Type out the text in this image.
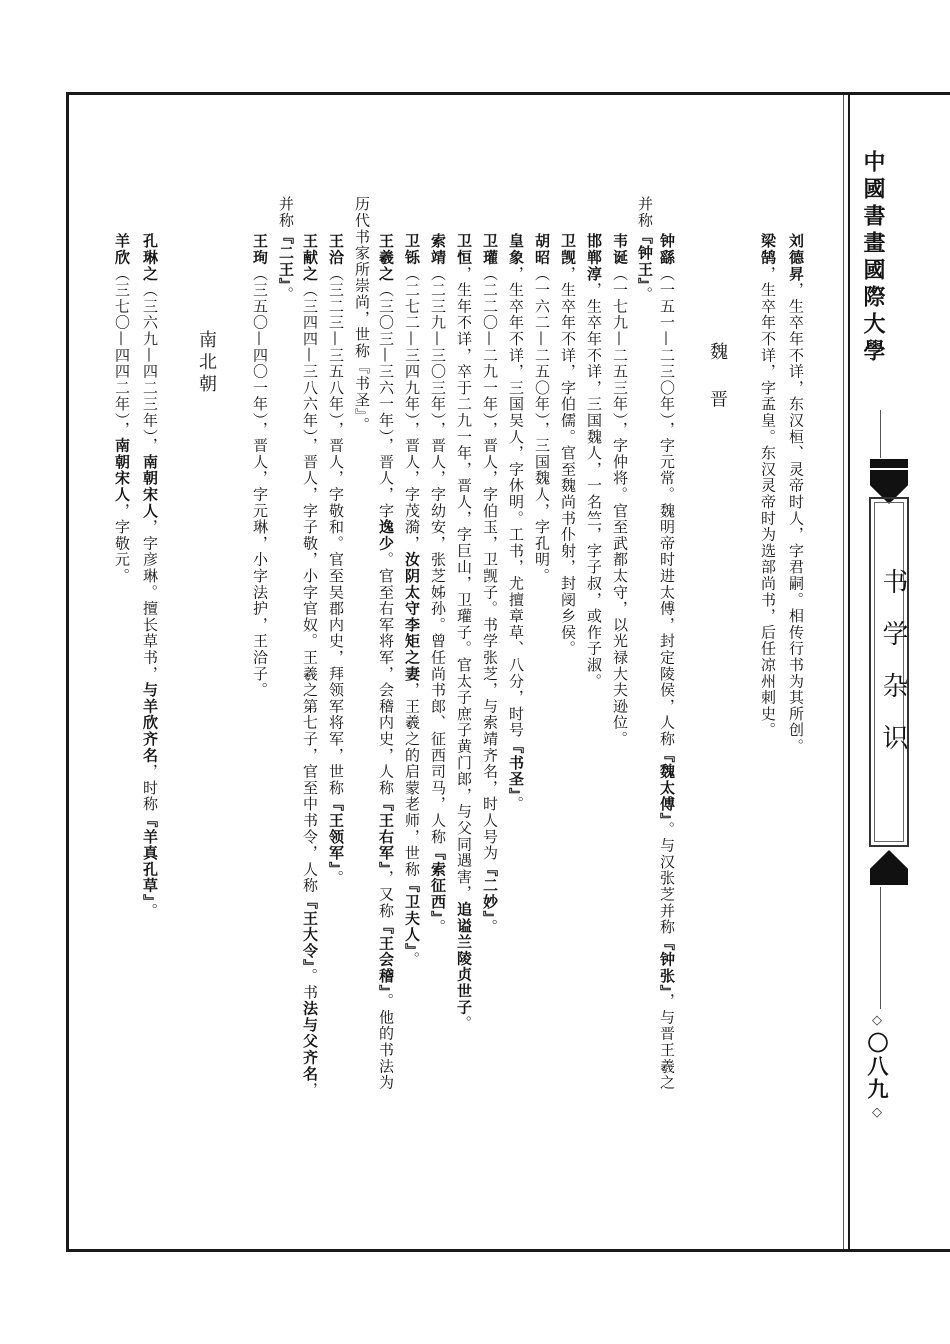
中國書畫國際大學
书学杂识
◇
〇八九
◇
刘德昇，生卒年不详，东汉桓、灵帝时人，字君嗣。相传行书为其所创。
梁鹄，生卒年不详，字孟皇。东汉灵帝时为选部尚书，后任凉州刺史。
魏 晋
钟繇（一五一—二三〇年），字元常。魏明帝时进太傅，封定陵侯，人称『魏太傅』。与汉张芝并称『钟张』，与晋王羲之
并称『钟王』。
韦诞（一七九—二五三年），字仲将。官至武都太守，以光禄大夫逊位。
邯郸淳，生卒年不详，三国魏人，一名竺，字子叔，或作子淑。
卫觊，生卒年不详，字伯儒。官至魏尚书仆射，封阌乡侯。
胡昭（一六二—二五〇年），三国魏人，字孔明。
皇象，生卒年不详，三国吴人，字休明。工书，尤擅章草、八分，时号『书圣』。
卫瓘（二二〇—二九一年），晋人，字伯玉，卫觊子。书学张芝，与索靖齐名，时人号为『二妙』。
卫恒，生年不详，卒于二九一年，晋人，字巨山，卫瓘子。官太子庶子黄门郎，与父同遇害，追谥兰陵贞世子。
索靖（二三九—三〇三年），晋人，字幼安，张芝姊孙。曾任尚书郎、征西司马，人称『索征西』。
卫铄（二七二—三四九年），晋人，字茂漪，汝阴太守李矩之妻，王羲之的启蒙老师，世称『卫夫人』。
王羲之（三〇三—三六一年），晋人，字逸少。官至右军将军，会稽内史，人称『王右军』，又称『王会稽』。他的书法为
历代书家所崇尚，世称『书圣』。
王洽（三二三—三五八年），晋人，字敬和。官至吴郡内史，拜领军将军，世称『王领军』。
王献之（三四四—三八六年），晋人，字子敬，小字官奴。王羲之第七子，官至中书令，人称『王大令』。书法与父齐名，
并称『二王』。
王珣（三五〇—四〇一年），晋人，字元琳，小字法护，王洽子。
南北朝
孔琳之（三六九—四二三年），南朝宋人，字彦琳。擅长草书，与羊欣齐名，时称『羊真孔草』。
羊欣（三七〇—四四二年），南朝宋人，字敬元。
